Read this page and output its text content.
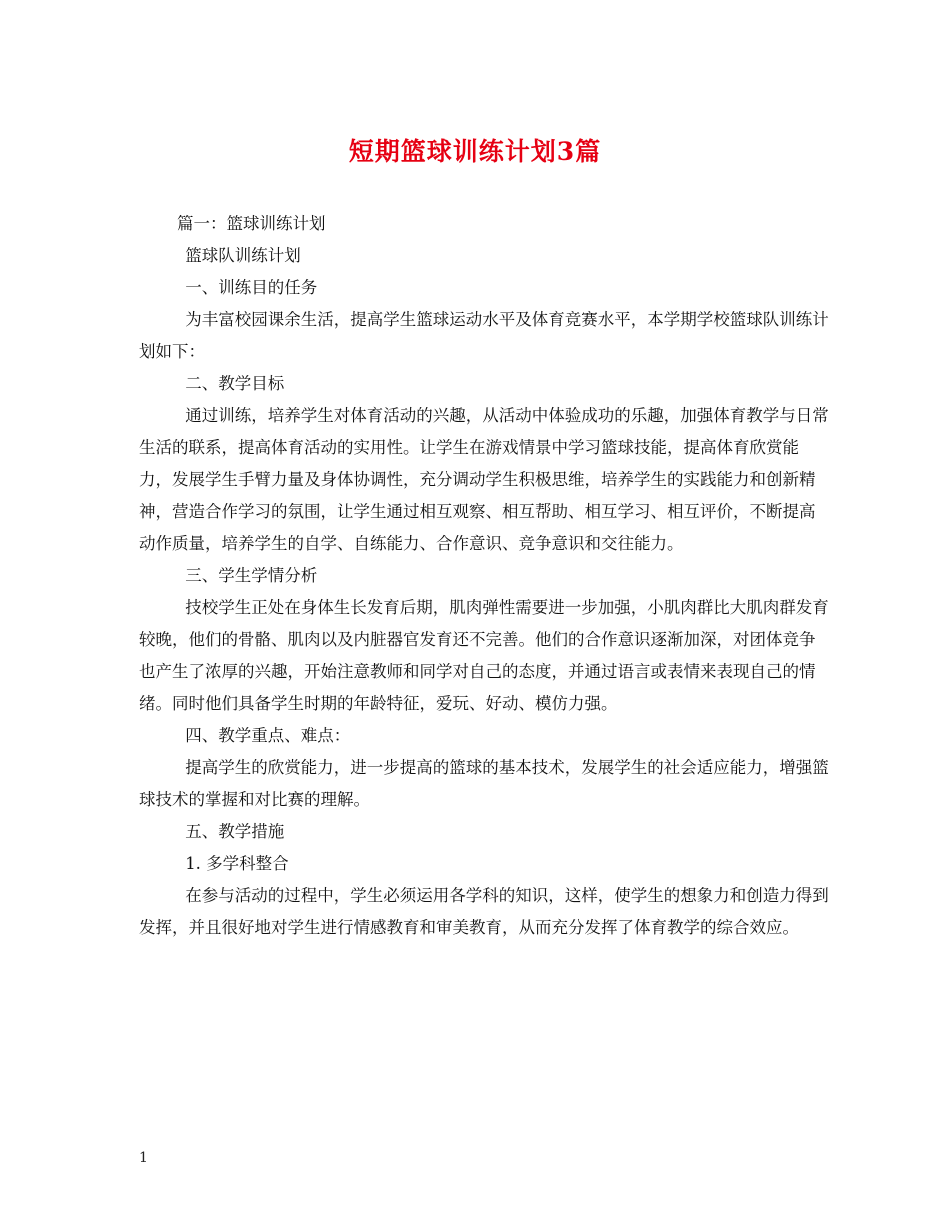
短期篮球训练计划3篇

篇一：篮球训练计划

篮球队训练计划

一、训练目的任务

为丰富校园课余生活，提高学生篮球运动水平及体育竞赛水平，本学期学校篮球队训练计划如下：

二、教学目标

通过训练，培养学生对体育活动的兴趣，从活动中体验成功的乐趣，加强体育教学与日常生活的联系，提高体育活动的实用性。让学生在游戏情景中学习篮球技能，提高体育欣赏能力，发展学生手臂力量及身体协调性，充分调动学生积极思维，培养学生的实践能力和创新精神，营造合作学习的氛围，让学生通过相互观察、相互帮助、相互学习、相互评价，不断提高动作质量，培养学生的自学、自练能力、合作意识、竞争意识和交往能力。

三、学生学情分析

技校学生正处在身体生长发育后期，肌肉弹性需要进一步加强，小肌肉群比大肌肉群发育较晚，他们的骨骼、肌肉以及内脏器官发育还不完善。他们的合作意识逐渐加深，对团体竞争也产生了浓厚的兴趣，开始注意教师和同学对自己的态度，并通过语言或表情来表现自己的情绪。同时他们具备学生时期的年龄特征，爱玩、好动、模仿力强。

四、教学重点、难点：

提高学生的欣赏能力，进一步提高的篮球的基本技术，发展学生的社会适应能力，增强篮球技术的掌握和对比赛的理解。

五、教学措施

1. 多学科整合

在参与活动的过程中，学生必须运用各学科的知识，这样，使学生的想象力和创造力得到发挥，并且很好地对学生进行情感教育和审美教育，从而充分发挥了体育教学的综合效应。

1
